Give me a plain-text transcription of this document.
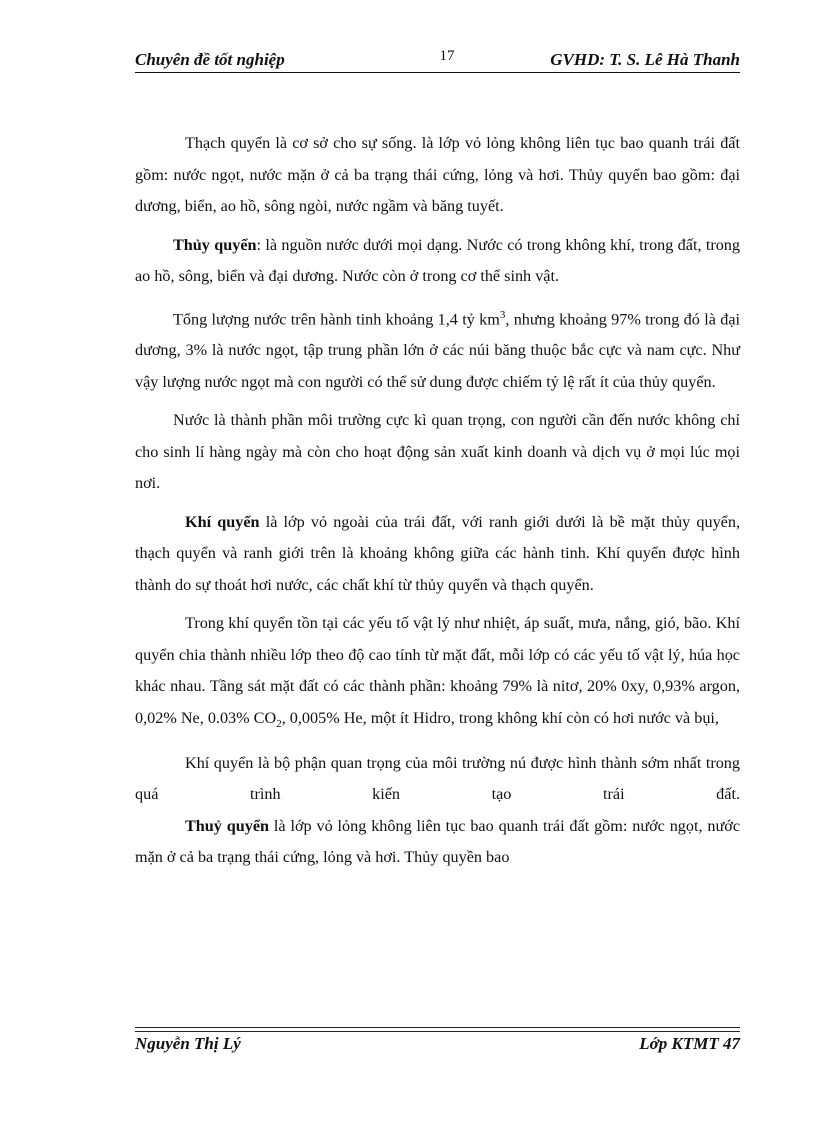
Chuyên đề tốt nghiệp	17	GVHD: T. S. Lê Hà Thanh

Thạch quyển là cơ sở cho sự sống. là lớp vỏ lỏng không liên tục bao quanh trái đất gồm: nước ngọt, nước mặn ở cả ba trạng thái cứng, lỏng và hơi. Thủy quyển bao gồm: đại dương, biển, ao hồ, sông ngòi, nước ngầm và băng tuyết.

Thủy quyển: là nguồn nước dưới mọi dạng. Nước có trong không khí, trong đất, trong ao hồ, sông, biển và đại dương. Nước còn ở trong cơ thể sinh vật.

Tổng lượng nước trên hành tinh khoảng 1,4 tỷ $km^3$, nhưng khoảng 97% trong đó là đại dương, 3% là nước ngọt, tập trung phần lớn ở các núi băng thuộc bắc cực và nam cực. Như vậy lượng nước ngọt mà con người có thể sử dung được chiếm tỷ lệ rất ít của thủy quyển.

Nước là thành phần môi trường cực kì quan trọng, con người cần đến nước không chỉ cho sinh lí hàng ngày mà còn cho hoạt động sản xuất kinh doanh và dịch vụ ở mọi lúc mọi nơi.

Khí quyển là lớp vỏ ngoài của trái đất, với ranh giới dưới là bề mặt thủy quyển, thạch quyển và ranh giới trên là khoảng không giữa các hành tinh. Khí quyển được hình thành do sự thoát hơi nước, các chất khí từ thủy quyển và thạch quyển.

Trong khí quyển tồn tại các yếu tố vật lý như nhiệt, áp suất, mưa, nắng, gió, bão. Khí quyển chia thành nhiều lớp theo độ cao tính từ mặt đất, mỗi lớp có các yếu tố vật lý, húa học khác nhau. Tầng sát mặt đất có các thành phần: khoảng 79% là nitơ, 20% 0xy, 0,93% argon, 0,02% Ne, 0.03% $CO_2$, 0,005% He, một ít Hidro, trong không khí còn có hơi nước và bụi,

Khí quyển là bộ phận quan trọng của môi trường nú được hình thành sớm nhất trong quá trình kiến tạo trái đất.

Thuỷ quyển là lớp vỏ lỏng không liên tục bao quanh trái đất gồm: nước ngọt, nước mặn ở cả ba trạng thái cứng, lỏng và hơi. Thủy quyền bao

Nguyễn Thị Lý	Lớp KTMT 47
